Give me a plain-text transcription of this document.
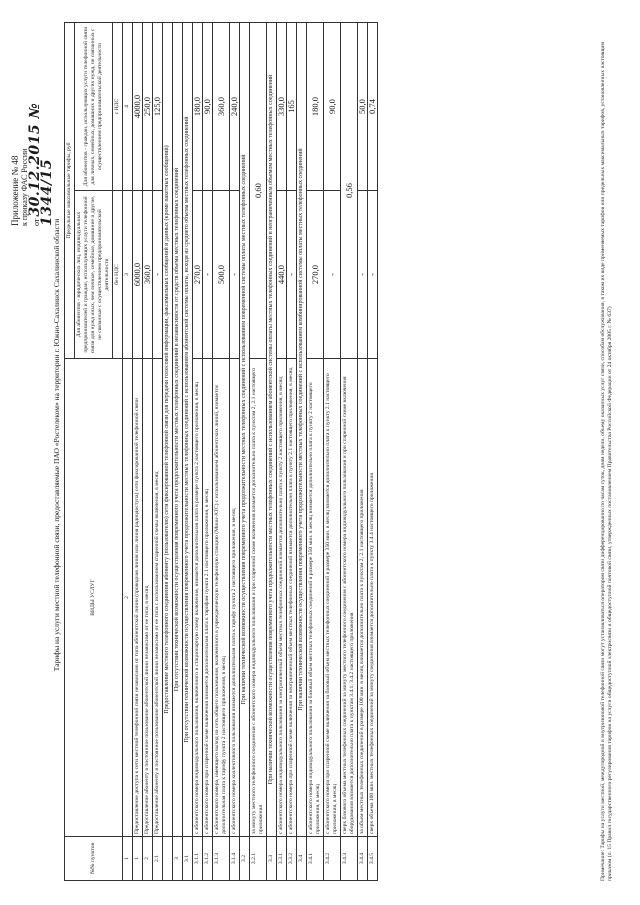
Приложение № 48 к приказу ФАС России от 30.12.2015 № 1344/15
Тарифы на услуги местной телефонной связи, предоставляемые ПАО «Ростелеком» на территории г. Южно-Сахалинск Сахалинской области
№№ пунктов	ВИДЫ УСЛУГ	Предельные максимальные тарифы, руб	
		Для абонентов - юридических лиц, индивидуальных предпринимателей и граждан, использующих услуги телефонной связи для нужд иных, чем личные, семейные, домашние и другие, не связанные с осуществлением предпринимательской деятельности	Для абонентов - граждан, использующих услуги телефонной связи для личных, семейных, домашних и других нужд, не связанных с осуществлением предпринимательской деятельности
		без НДС	с НДС
1	2	3	4
1	Предоставление доступа к сети местной телефонной связи независимо от типа абонентской линии (проводная линия или линия радиодоступа) сети фиксированной телефонной связи	6000,0	4000,0
2	Предоставление абоненту в постоянное пользование абонентской линии независимо от ее типа, в месяц	360,0	250,0
2.1	Предоставление абоненту в постоянное пользование абонентской линии независимо от ее типа с использованием спаренной схемы включения, в месяц	-	125,0
	Предоставление местного телефонного соединения абоненту (пользователю) сети фиксированной телефонной связи для передачи голосовой информации, факсимильных сообщений и данных (кроме пакетных сообщений)		
3	При отсутствии технической возможности осуществления повременного учета продолжительности местных телефонных соединений в независимости от средств объема местных телефонных соединений		
3.1	При отсутствии технической возможности осуществления повременного учета продолжительности местных телефонных соединений с использованием абонентской системы оплаты, исходя из среднего объема местных телефонных соединений		
3.1.1	с абонентского номера индивидуального пользования, включенного в стационарную схему включения, взимается дополнительная плата в размере пункта 2 настоящего приложения, в месяц	270,0	180,0
3.1.2	с абонентского номера при спаренной схеме включения взимается дополнительная плата к тарифам пункта 2.1 настоящего приложения, в месяц	-	90,0
3.1.3	с абонентского номера, имеющего выход на сеть общего пользования, включенного в учрежденческую телефонную станцию (Мини-АТС) с использованием абонентских линий, взимается дополнительная плата к тарифу пункта 2 настоящего приложения, в месяц	500,0	360,0
3.1.4	с абонентского номера коллективного пользования взимается дополнительная плата к тарифу пункта 2 настоящего приложения, в месяц	-	240,0
3.2	При наличии технической возможности осуществления повременного учета продолжительности местных телефонных соединений с использованием повременной системы оплаты местных телефонных соединений		
3.2.1	за минуту местного телефонного соединения с абонентского номера индивидуального пользования и при спаренной схеме включения взимается дополнительно плата к пунктам 2, 2.1 настоящего приложения	0,60	
3.3	При наличии технической возможности осуществления повременного учета продолжительности местных телефонных соединений с использованием абонентской системы оплаты местных телефонных соединений и неограниченным объемом местных телефонных соединений		
3.3.1	с абонентского номера индивидуального пользования за неограниченный объем местных телефонных соединений взимается дополнительно плата к пункту 2 настоящего приложения, в месяц	440,0	330,0
3.3.2	с абонентского номера при спаренной схеме включения за неограниченный объем местных телефонных соединений взимается дополнительно плата к пункту 2.1 настоящего приложения, в месяц	-	165
3.4	При наличии технической возможности осуществления повременного учета продолжительности местных телефонных соединений с использованием комбинированной системы оплаты местных телефонных соединений		
3.4.1	с абонентского номера индивидуального пользования за базовый объем местных телефонных соединений в размере 350 мин. в месяц взимается дополнительно плата к пункту 2 настоящего приложения, в месяц	270,0	180,0
3.4.2	с абонентского номера при спаренной схеме включения за базовый объем местных телефонных соединений в размере 350 мин. в месяц взимается дополнительно плата к пункту 2.1 настоящего приложения, в месяц	-	90,0
3.4.3	сверх базового объема местных телефонных соединений за минуту местного телефонного соединения с абонентского номера индивидуального пользования и при спаренной схеме включения оборудования взимается дополнительно плата к пунктам 3.4.1, 3.4.2 настоящего приложения	0,56	
3.4.4	за объем местных телефонных соединений в размере 100 мин. в месяц взимается дополнительно плата к пунктам 2, 2.1 настоящего приложения	-	50,0
3.4.5	сверх объема 100 мин. местных телефонных соединений за минуту соединения взимается дополнительно плата к пункту 3.4.4 настоящего приложения	-	0,74
Примечание: Тарифы на услуги местной, междугородной и внутризоновой телефонной связи могут устанавливаться оператором связи дифференцированно по часам суток, дням недели, объему оказанных услуг связи, способам обслуживания, в таком их виде применяемых тарифов или предельных максимальных тарифов, установленных настоящим приказом (п. 15 Правил государственного регулирования тарифов на услуги общедоступной электросвязи и общедоступной почтовой связи, утвержденных постановлением Правительства Российской Федерации от 24 октября 2005 г. № 637)
